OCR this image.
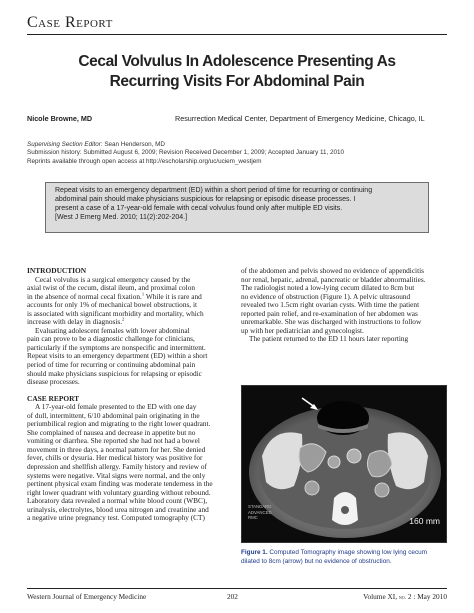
Case Report
Cecal Volvulus In Adolescence Presenting As
Recurring Visits For Abdominal Pain
Nicole Browne, MD	Resurrection Medical Center, Department of Emergency Medicine, Chicago, IL
Supervising Section Editor: Sean Henderson, MD
Submission history: Submitted August 6, 2009; Revision Received December 1, 2009; Accepted January 11, 2010
Reprints available through open access at http://escholarship.org/uc/uciem_westjem
Repeat visits to an emergency department (ED) within a short period of time for recurring or continuing
abdominal pain should make physicians suspicious for relapsing or episodic disease processes. I
present a case of a 17-year-old female with cecal volvulus found only after multiple ED visits.
[West J Emerg Med. 2010; 11(2):202-204.]
INTRODUCTION
Cecal volvulus is a surgical emergency caused by the
axial twist of the cecum, distal ileum, and proximal colon
in the absence of normal cecal fixation.$^1$ While it is rare and
accounts for only 1% of mechanical bowel obstructions, it
is associated with significant morbidity and mortality, which
increase with delay in diagnosis.$^2$
Evaluating adolescent females with lower abdominal
pain can prove to be a diagnostic challenge for clinicians,
particularly if the symptoms are nonspecific and intermittent.
Repeat visits to an emergency department (ED) within a short
period of time for recurring or continuing abdominal pain
should make physicians suspicious for relapsing or episodic
disease processes.
CASE REPORT
A 17-year-old female presented to the ED with one day
of dull, intermittent, 6/10 abdominal pain originating in the
periumbilical region and migrating to the right lower quadrant.
She complained of nausea and decrease in appetite but no
vomiting or diarrhea. She reported she had not had a bowel
movement in three days, a normal pattern for her. She denied
fever, chills or dysuria. Her medical history was positive for
depression and shellfish allergy. Family history and review of
systems were negative. Vital signs were normal, and the only
pertinent physical exam finding was moderate tenderness in the
right lower quadrant with voluntary guarding without rebound.
Laboratory data revealed a normal white blood count (WBC),
urinalysis, electrolytes, blood urea nitrogen and creatinine and
a negative urine pregnancy test. Computed tomography (CT)
of the abdomen and pelvis showed no evidence of appendicitis
nor renal, hepatic, adrenal, pancreatic or bladder abnormalities.
The radiologist noted a low-lying cecum dilated to 8cm but
no evidence of obstruction (Figure 1). A pelvic ultrasound
revealed two 1.5cm right ovarian cysts. With time the patient
reported pain relief, and re-examination of her abdomen was
unremarkable. She was discharged with instructions to follow
up with her pediatrician and gynecologist.
The patient returned to the ED 11 hours later reporting
STANDARD
ADVANCED
RMC	160 mm
Figure 1. Computed Tomography image showing low lying cecum
dilated to 8cm (arrow) but no evidence of obstruction.
Western Journal of Emergency Medicine	202	Volume XI, no. 2 : May 2010
